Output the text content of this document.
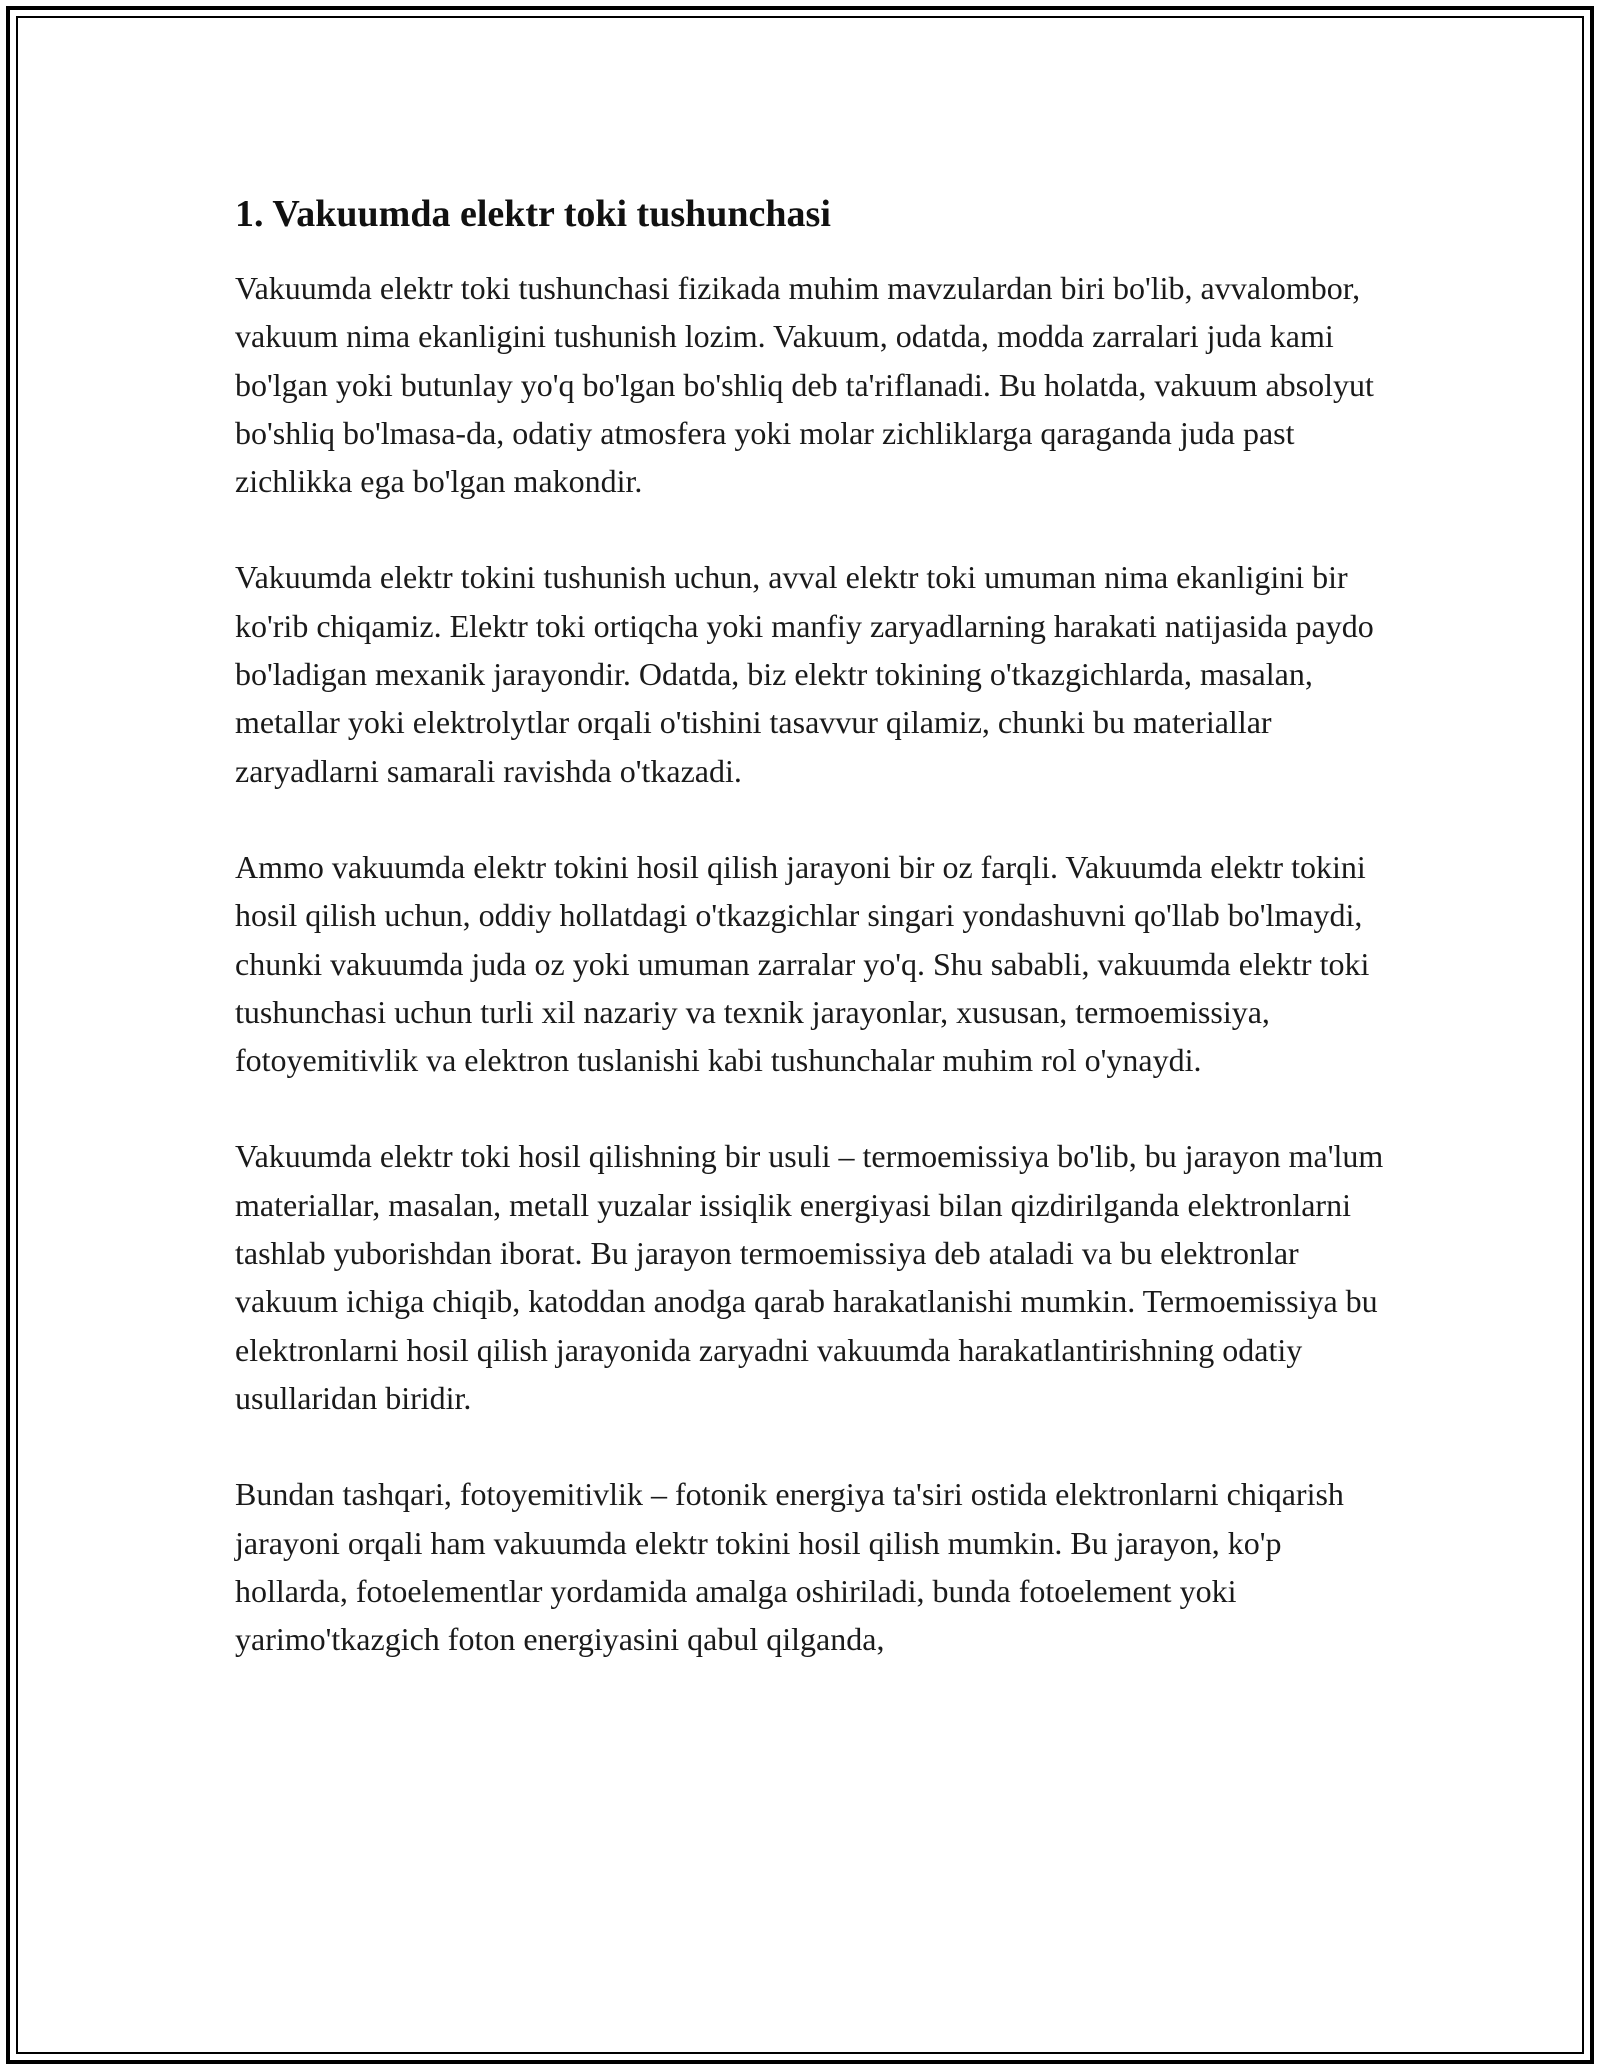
1. Vakuumda elektr toki tushunchasi

Vakuumda elektr toki tushunchasi fizikada muhim mavzulardan biri bo'lib, avvalombor, vakuum nima ekanligini tushunish lozim. Vakuum, odatda, modda zarralari juda kami bo'lgan yoki butunlay yo'q bo'lgan bo'shliq deb ta'riflanadi. Bu holatda, vakuum absolyut bo'shliq bo'lmasa-da, odatiy atmosfera yoki molar zichliklarga qaraganda juda past zichlikka ega bo'lgan makondir.

Vakuumda elektr tokini tushunish uchun, avval elektr toki umuman nima ekanligini bir ko'rib chiqamiz. Elektr toki ortiqcha yoki manfiy zaryadlarning harakati natijasida paydo bo'ladigan mexanik jarayondir. Odatda, biz elektr tokining o'tkazgichlarda, masalan, metallar yoki elektrolytlar orqali o'tishini tasavvur qilamiz, chunki bu materiallar zaryadlarni samarali ravishda o'tkazadi.

Ammo vakuumda elektr tokini hosil qilish jarayoni bir oz farqli. Vakuumda elektr tokini hosil qilish uchun, oddiy hollatdagi o'tkazgichlar singari yondashuvni qo'llab bo'lmaydi, chunki vakuumda juda oz yoki umuman zarralar yo'q. Shu sababli, vakuumda elektr toki tushunchasi uchun turli xil nazariy va texnik jarayonlar, xususan, termoemissiya, fotoyemitivlik va elektron tuslanishi kabi tushunchalar muhim rol o'ynaydi.

Vakuumda elektr toki hosil qilishning bir usuli – termoemissiya bo'lib, bu jarayon ma'lum materiallar, masalan, metall yuzalar issiqlik energiyasi bilan qizdirilganda elektronlarni tashlab yuborishdan iborat. Bu jarayon termoemissiya deb ataladi va bu elektronlar vakuum ichiga chiqib, katoddan anodga qarab harakatlanishi mumkin. Termoemissiya bu elektronlarni hosil qilish jarayonida zaryadni vakuumda harakatlantirishning odatiy usullaridan biridir.

Bundan tashqari, fotoyemitivlik – fotonik energiya ta'siri ostida elektronlarni chiqarish jarayoni orqali ham vakuumda elektr tokini hosil qilish mumkin. Bu jarayon, ko'p hollarda, fotoelementlar yordamida amalga oshiriladi, bunda fotoelement yoki yarimo'tkazgich foton energiyasini qabul qilganda,
